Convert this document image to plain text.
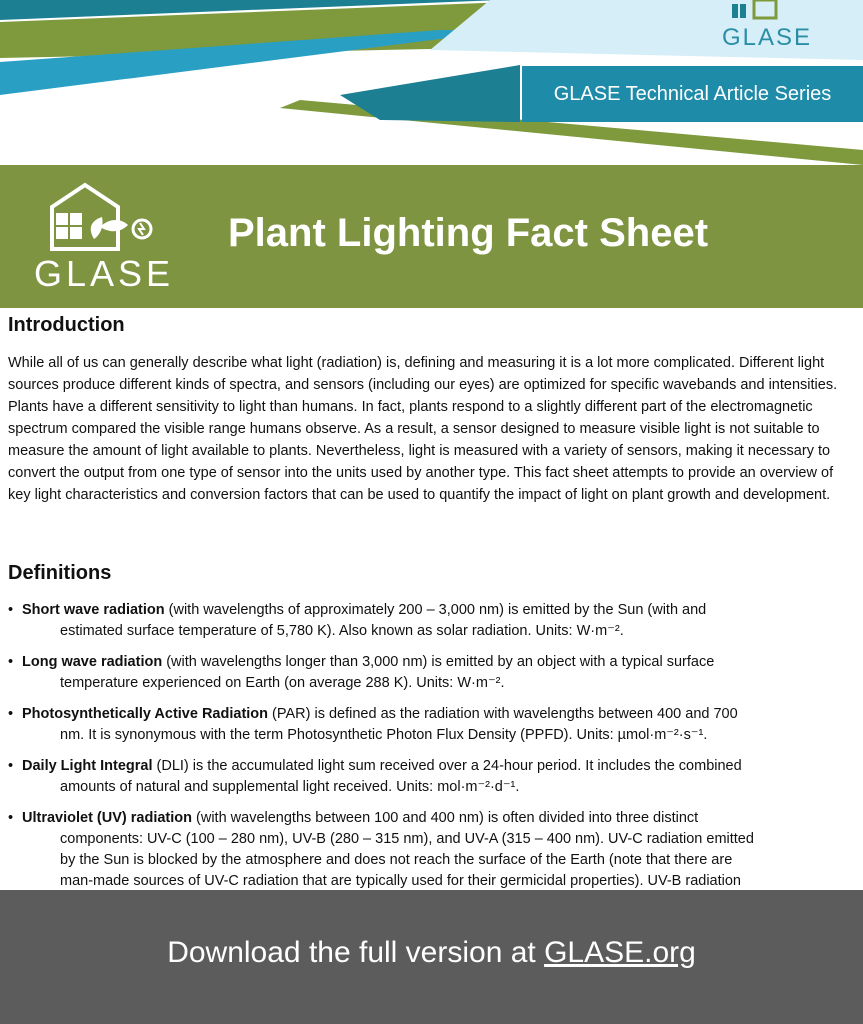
GLASE
GLASE Technical Article Series
GLASE
Plant Lighting Fact Sheet
Introduction

While all of us can generally describe what light (radiation) is, defining and measuring it is a lot more complicated. Different light sources produce different kinds of spectra, and sensors (including our eyes) are optimized for specific wavebands and intensities. Plants have a different sensitivity to light than humans. In fact, plants respond to a slightly different part of the electromagnetic spectrum compared the visible range humans observe. As a result, a sensor designed to measure visible light is not suitable to measure the amount of light available to plants. Nevertheless, light is measured with a variety of sensors, making it necessary to convert the output from one type of sensor into the units used by another type. This fact sheet attempts to provide an overview of key light characteristics and conversion factors that can be used to quantify the impact of light on plant growth and development.

Definitions
• Short wave radiation (with wavelengths of approximately 200 – 3,000 nm) is emitted by the Sun (with and
estimated surface temperature of 5,780 K). Also known as solar radiation. Units: W·m⁻².
• Long wave radiation (with wavelengths longer than 3,000 nm) is emitted by an object with a typical surface
temperature experienced on Earth (on average 288 K). Units: W·m⁻².
• Photosynthetically Active Radiation (PAR) is defined as the radiation with wavelengths between 400 and 700
nm. It is synonymous with the term Photosynthetic Photon Flux Density (PPFD). Units: µmol·m⁻²·s⁻¹.
• Daily Light Integral (DLI) is the accumulated light sum received over a 24-hour period. It includes the combined
amounts of natural and supplemental light received. Units: mol·m⁻²·d⁻¹.
• Ultraviolet (UV) radiation (with wavelengths between 100 and 400 nm) is often divided into three distinct
components: UV-C (100 – 280 nm), UV-B (280 – 315 nm), and UV-A (315 – 400 nm). UV-C radiation emitted
by the Sun is blocked by the atmosphere and does not reach the surface of the Earth (note that there are
man-made sources of UV-C radiation that are typically used for their germicidal properties). UV-B radiation
Download the full version at GLASE.org
